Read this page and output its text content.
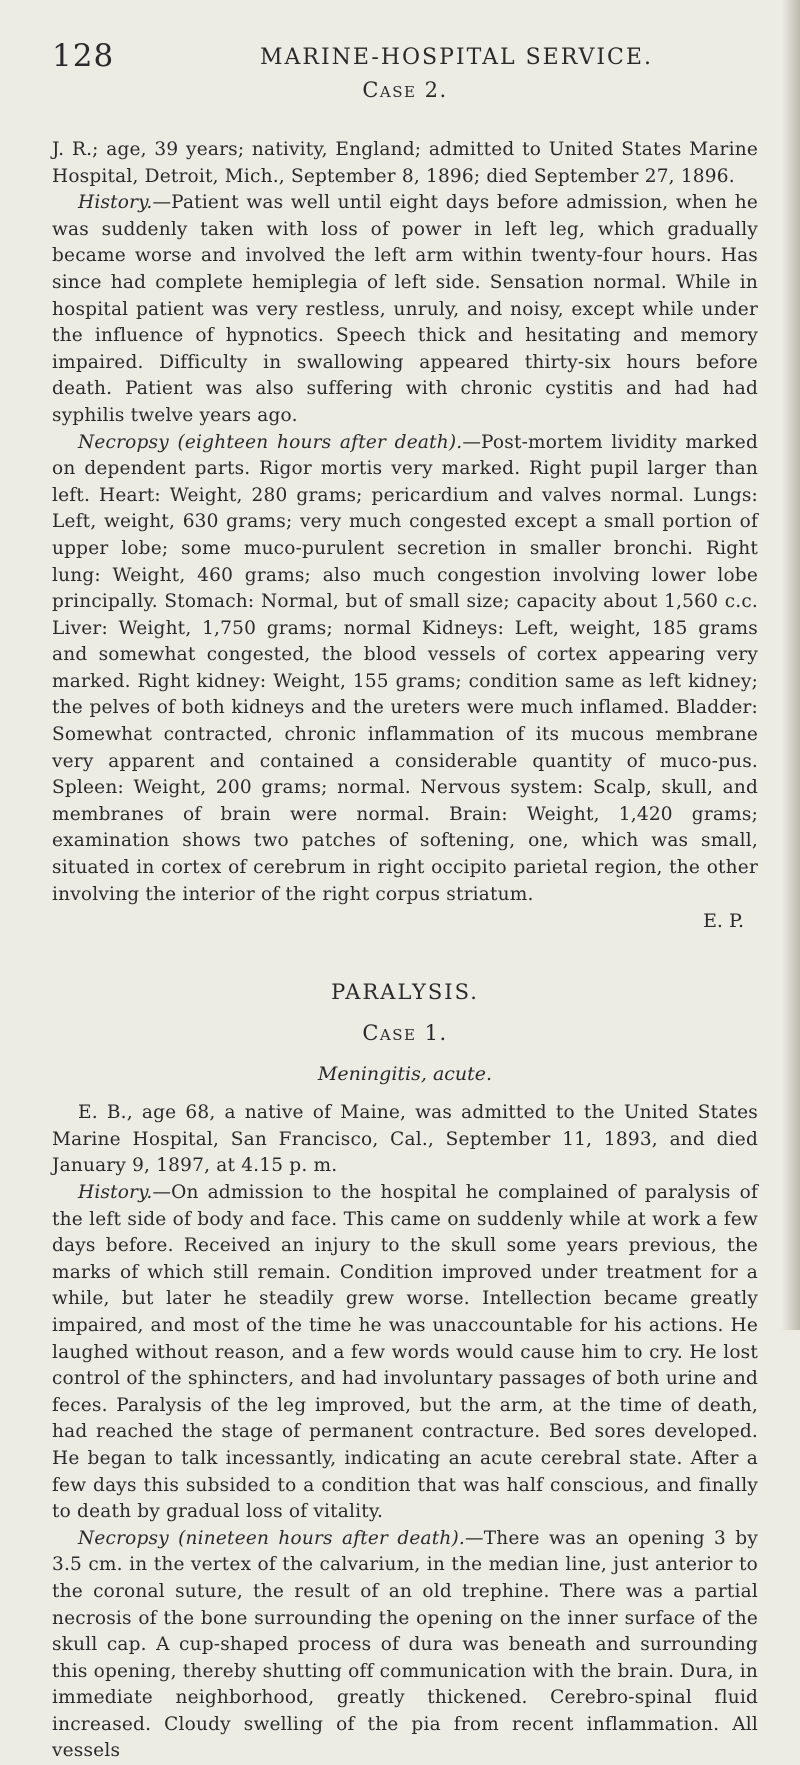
128	MARINE-HOSPITAL SERVICE.
Case 2.

J. R.; age, 39 years; nativity, England; admitted to United States Marine Hospital, Detroit, Mich., September 8, 1896; died September 27, 1896.

History.—Patient was well until eight days before admission, when he was suddenly taken with loss of power in left leg, which gradually became worse and involved the left arm within twenty-four hours. Has since had complete hemiplegia of left side. Sensation normal. While in hospital patient was very restless, unruly, and noisy, except while under the influence of hypnotics. Speech thick and hesitating and memory impaired. Difficulty in swallowing appeared thirty-six hours before death. Patient was also suffering with chronic cystitis and had had syphilis twelve years ago.

Necropsy (eighteen hours after death).—Post-mortem lividity marked on dependent parts. Rigor mortis very marked. Right pupil larger than left. Heart: Weight, 280 grams; pericardium and valves normal. Lungs: Left, weight, 630 grams; very much congested except a small portion of upper lobe; some muco-purulent secretion in smaller bronchi. Right lung: Weight, 460 grams; also much congestion involving lower lobe principally. Stomach: Normal, but of small size; capacity about 1,560 c.c. Liver: Weight, 1,750 grams; normal Kidneys: Left, weight, 185 grams and somewhat congested, the blood vessels of cortex appearing very marked. Right kidney: Weight, 155 grams; condition same as left kidney; the pelves of both kidneys and the ureters were much inflamed. Bladder: Somewhat contracted, chronic inflammation of its mucous membrane very apparent and contained a considerable quantity of muco-pus. Spleen: Weight, 200 grams; normal. Nervous system: Scalp, skull, and membranes of brain were normal. Brain: Weight, 1,420 grams; examination shows two patches of softening, one, which was small, situated in cortex of cerebrum in right occipito parietal region, the other involving the interior of the right corpus striatum.

E. P.
PARALYSIS.
Case 1.
Meningitis, acute.

E. B., age 68, a native of Maine, was admitted to the United States Marine Hospital, San Francisco, Cal., September 11, 1893, and died January 9, 1897, at 4.15 p. m.

History.—On admission to the hospital he complained of paralysis of the left side of body and face. This came on suddenly while at work a few days before. Received an injury to the skull some years previous, the marks of which still remain. Condition improved under treatment for a while, but later he steadily grew worse. Intellection became greatly impaired, and most of the time he was unaccountable for his actions. He laughed without reason, and a few words would cause him to cry. He lost control of the sphincters, and had involuntary passages of both urine and feces. Paralysis of the leg improved, but the arm, at the time of death, had reached the stage of permanent contracture. Bed sores developed. He began to talk incessantly, indicating an acute cerebral state. After a few days this subsided to a condition that was half conscious, and finally to death by gradual loss of vitality.

Necropsy (nineteen hours after death).—There was an opening 3 by 3.5 cm. in the vertex of the calvarium, in the median line, just anterior to the coronal suture, the result of an old trephine. There was a partial necrosis of the bone surrounding the opening on the inner surface of the skull cap. A cup-shaped process of dura was beneath and surrounding this opening, thereby shutting off communication with the brain. Dura, in immediate neighborhood, greatly thickened. Cerebro-spinal fluid increased. Cloudy swelling of the pia from recent inflammation. All vessels
